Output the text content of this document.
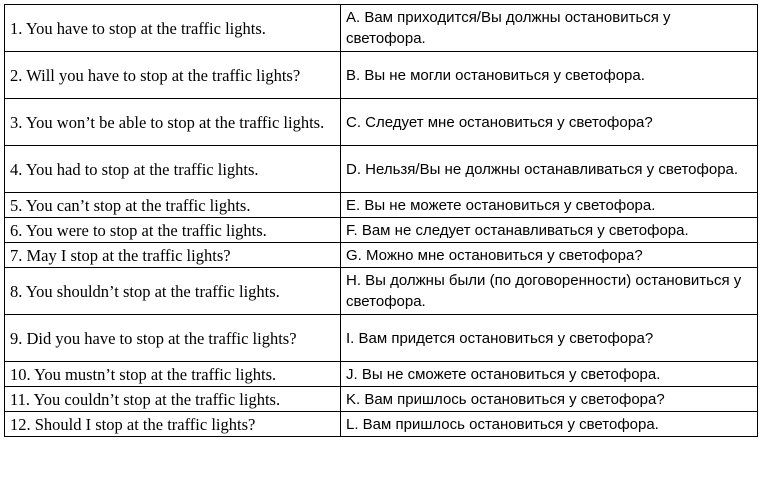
1. You have to stop at the traffic lights.	A. Вам приходится/Вы должны остановиться у светофора.
2. Will you have to stop at the traffic lights?	B. Вы не могли остановиться у светофора.
3. You won’t be able to stop at the traffic lights.	C. Следует мне остановиться у светофора?
4. You had to stop at the traffic lights.	D. Нельзя/Вы не должны останавливаться у светофора.
5. You can’t stop at the traffic lights.	E. Вы не можете остановиться у светофора.
6. You were to stop at the traffic lights.	F. Вам не следует останавливаться у светофора.
7. May I stop at the traffic lights?	G. Можно мне остановиться у светофора?
8. You shouldn’t stop at the traffic lights.	H. Вы должны были (по договоренности) остановиться у светофора.
9. Did you have to stop at the traffic lights?	I. Вам придется остановиться у светофора?
10. You mustn’t stop at the traffic lights.	J. Вы не сможете остановиться у светофора.
11. You couldn’t stop at the traffic lights.	K. Вам пришлось остановиться у светофора?
12. Should I stop at the traffic lights?	L. Вам пришлось остановиться у светофора.
